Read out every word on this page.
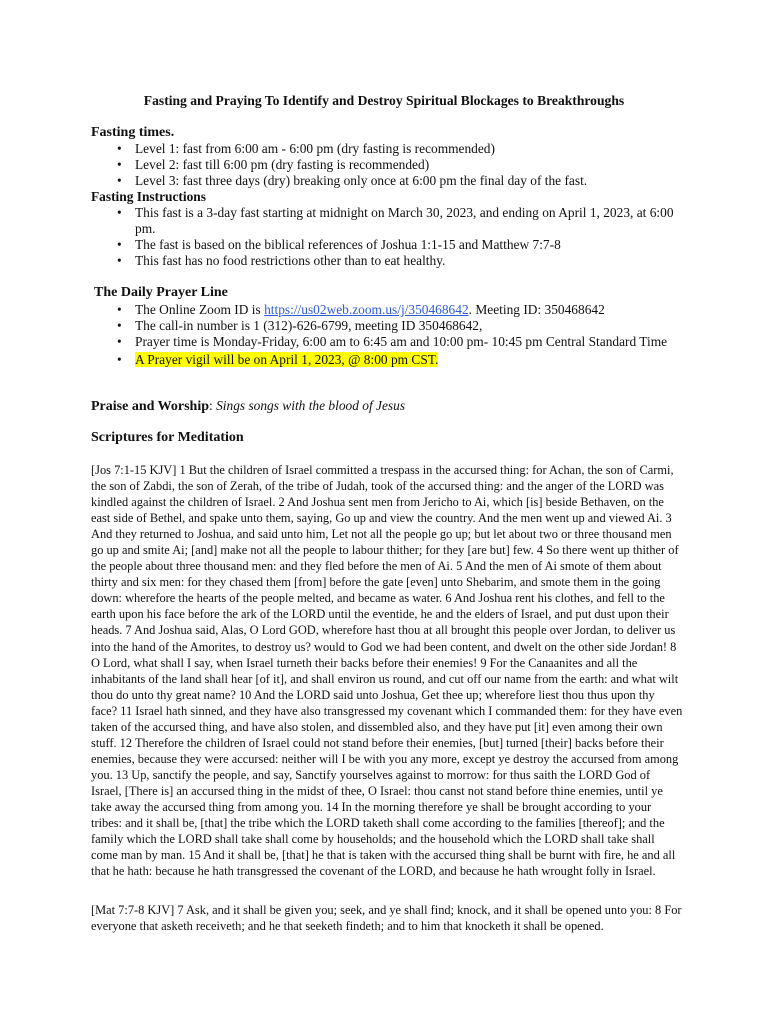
Fasting and Praying To Identify and Destroy Spiritual Blockages to Breakthroughs
Fasting times.
• Level 1: fast from 6:00 am - 6:00 pm (dry fasting is recommended)
• Level 2: fast till 6:00 pm (dry fasting is recommended)
• Level 3: fast three days (dry) breaking only once at 6:00 pm the final day of the fast.
Fasting Instructions
• This fast is a 3-day fast starting at midnight on March 30, 2023, and ending on April 1, 2023, at 6:00 pm.
• The fast is based on the biblical references of Joshua 1:1-15 and Matthew 7:7-8
• This fast has no food restrictions other than to eat healthy.
The Daily Prayer Line
• The Online Zoom ID is https://us02web.zoom.us/j/350468642. Meeting ID: 350468642
• The call-in number is 1 (312)-626-6799, meeting ID 350468642,
• Prayer time is Monday-Friday, 6:00 am to 6:45 am and 10:00 pm- 10:45 pm Central Standard Time
• A Prayer vigil will be on April 1, 2023, @ 8:00 pm CST.
Praise and Worship: Sings songs with the blood of Jesus
Scriptures for Meditation

[Jos 7:1-15 KJV] 1 But the children of Israel committed a trespass in the accursed thing: for Achan, the son of Carmi, the son of Zabdi, the son of Zerah, of the tribe of Judah, took of the accursed thing: and the anger of the LORD was kindled against the children of Israel. 2 And Joshua sent men from Jericho to Ai, which [is] beside Bethaven, on the east side of Bethel, and spake unto them, saying, Go up and view the country. And the men went up and viewed Ai. 3 And they returned to Joshua, and said unto him, Let not all the people go up; but let about two or three thousand men go up and smite Ai; [and] make not all the people to labour thither; for they [are but] few. 4 So there went up thither of the people about three thousand men: and they fled before the men of Ai. 5 And the men of Ai smote of them about thirty and six men: for they chased them [from] before the gate [even] unto Shebarim, and smote them in the going down: wherefore the hearts of the people melted, and became as water. 6 And Joshua rent his clothes, and fell to the earth upon his face before the ark of the LORD until the eventide, he and the elders of Israel, and put dust upon their heads. 7 And Joshua said, Alas, O Lord GOD, wherefore hast thou at all brought this people over Jordan, to deliver us into the hand of the Amorites, to destroy us? would to God we had been content, and dwelt on the other side Jordan! 8 O Lord, what shall I say, when Israel turneth their backs before their enemies! 9 For the Canaanites and all the inhabitants of the land shall hear [of it], and shall environ us round, and cut off our name from the earth: and what wilt thou do unto thy great name? 10 And the LORD said unto Joshua, Get thee up; wherefore liest thou thus upon thy face? 11 Israel hath sinned, and they have also transgressed my covenant which I commanded them: for they have even taken of the accursed thing, and have also stolen, and dissembled also, and they have put [it] even among their own stuff. 12 Therefore the children of Israel could not stand before their enemies, [but] turned [their] backs before their enemies, because they were accursed: neither will I be with you any more, except ye destroy the accursed from among you. 13 Up, sanctify the people, and say, Sanctify yourselves against to morrow: for thus saith the LORD God of Israel, [There is] an accursed thing in the midst of thee, O Israel: thou canst not stand before thine enemies, until ye take away the accursed thing from among you. 14 In the morning therefore ye shall be brought according to your tribes: and it shall be, [that] the tribe which the LORD taketh shall come according to the families [thereof]; and the family which the LORD shall take shall come by households; and the household which the LORD shall take shall come man by man. 15 And it shall be, [that] he that is taken with the accursed thing shall be burnt with fire, he and all that he hath: because he hath transgressed the covenant of the LORD, and because he hath wrought folly in Israel.

[Mat 7:7-8 KJV] 7 Ask, and it shall be given you; seek, and ye shall find; knock, and it shall be opened unto you: 8 For everyone that asketh receiveth; and he that seeketh findeth; and to him that knocketh it shall be opened.
